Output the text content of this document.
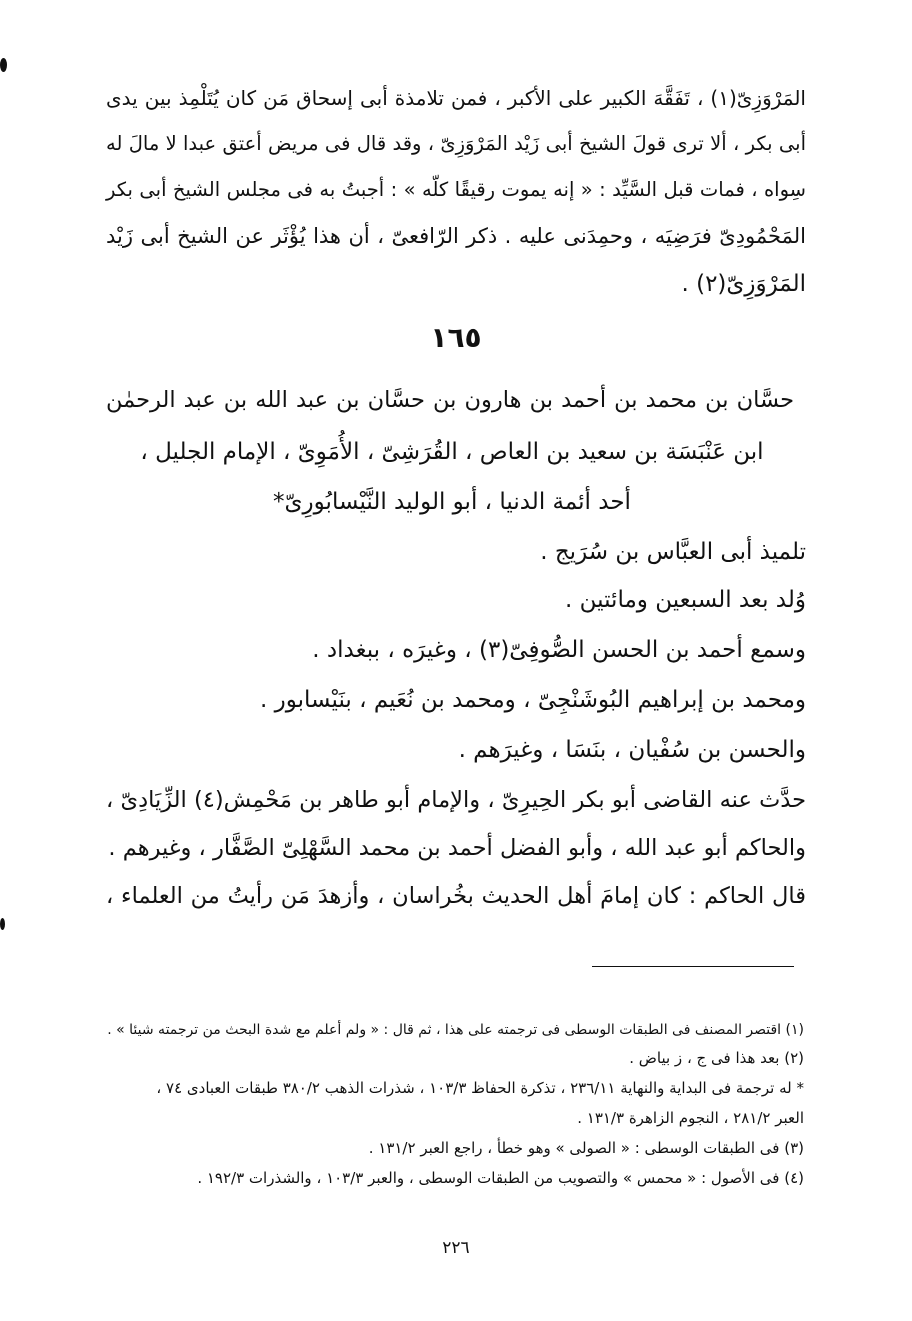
المَرْوَزِىّ(١) ، تَفَقَّهَ الكبير على الأكبر ، فمن تلامذة أبى إسحاق مَن كان يُتَلْمِذ بين يدى
أبى بكر ، ألا ترى قولَ الشيخ أبى زَيْد المَرْوَزِىّ ، وقد قال فى مريض أعتق عبدا لا مالَ له
سِواه ، فمات قبل السَّيِّد : « إنه يموت رقيقًا كلّه » : أجبتُ به فى مجلس الشيخ أبى بكر
المَحْمُودِىّ فرَضِيَه ، وحمِدَنى عليه . ذكر الرّافعىّ ، أن هذا يُؤْثَر عن الشيخ أبى زَيْد
المَرْوَزِىّ(٢) .
١٦٥
حسَّان بن محمد بن أحمد بن هارون بن حسَّان بن عبد الله بن عبد الرحمٰن
ابن عَنْبَسَة بن سعيد بن العاص ، القُرَشِىّ ، الأُمَوِىّ ، الإمام الجليل ،
أحد أئمة الدنيا ، أبو الوليد النَّيْسابُورِىّ*
تلميذ أبى العبَّاس بن سُرَيج .
وُلد بعد السبعين ومائتين .
وسمع أحمد بن الحسن الصُّوفِىّ(٣) ، وغيرَه ، ببغداد .
ومحمد بن إبراهيم البُوشَنْجِىّ ، ومحمد بن نُعَيم ، بنَيْسابور .
والحسن بن سُفْيان ، بنَسَا ، وغيرَهم .
حدَّث عنه القاضى أبو بكر الحِيرِىّ ، والإمام أبو طاهر بن مَحْمِش(٤) الزِّيَادِىّ ،
والحاكم أبو عبد الله ، وأبو الفضل أحمد بن محمد السَّهْلِىّ الصَّفَّار ، وغيرهم .
قال الحاكم : كان إمامَ أهل الحديث بخُراسان ، وأزهدَ مَن رأيتُ من العلماء ،
(١) اقتصر المصنف فى الطبقات الوسطى فى ترجمته على هذا ، ثم قال : « ولم أعلم مع شدة البحث من ترجمته شيئا » .
(٢) بعد هذا فى ج ، ز بياض .
* له ترجمة فى البداية والنهاية ٢٣٦/١١ ، تذكرة الحفاظ ١٠٣/٣ ، شذرات الذهب ٣٨٠/٢ طبقات العبادى ٧٤ ،
العبر ٢٨١/٢ ، النجوم الزاهرة ١٣١/٣ .
(٣) فى الطبقات الوسطى : « الصولى » وهو خطأ ، راجع العبر ١٣١/٢ .
(٤) فى الأصول : « محمس » والتصويب من الطبقات الوسطى ، والعبر ١٠٣/٣ ، والشذرات ١٩٢/٣ .
٢٢٦
